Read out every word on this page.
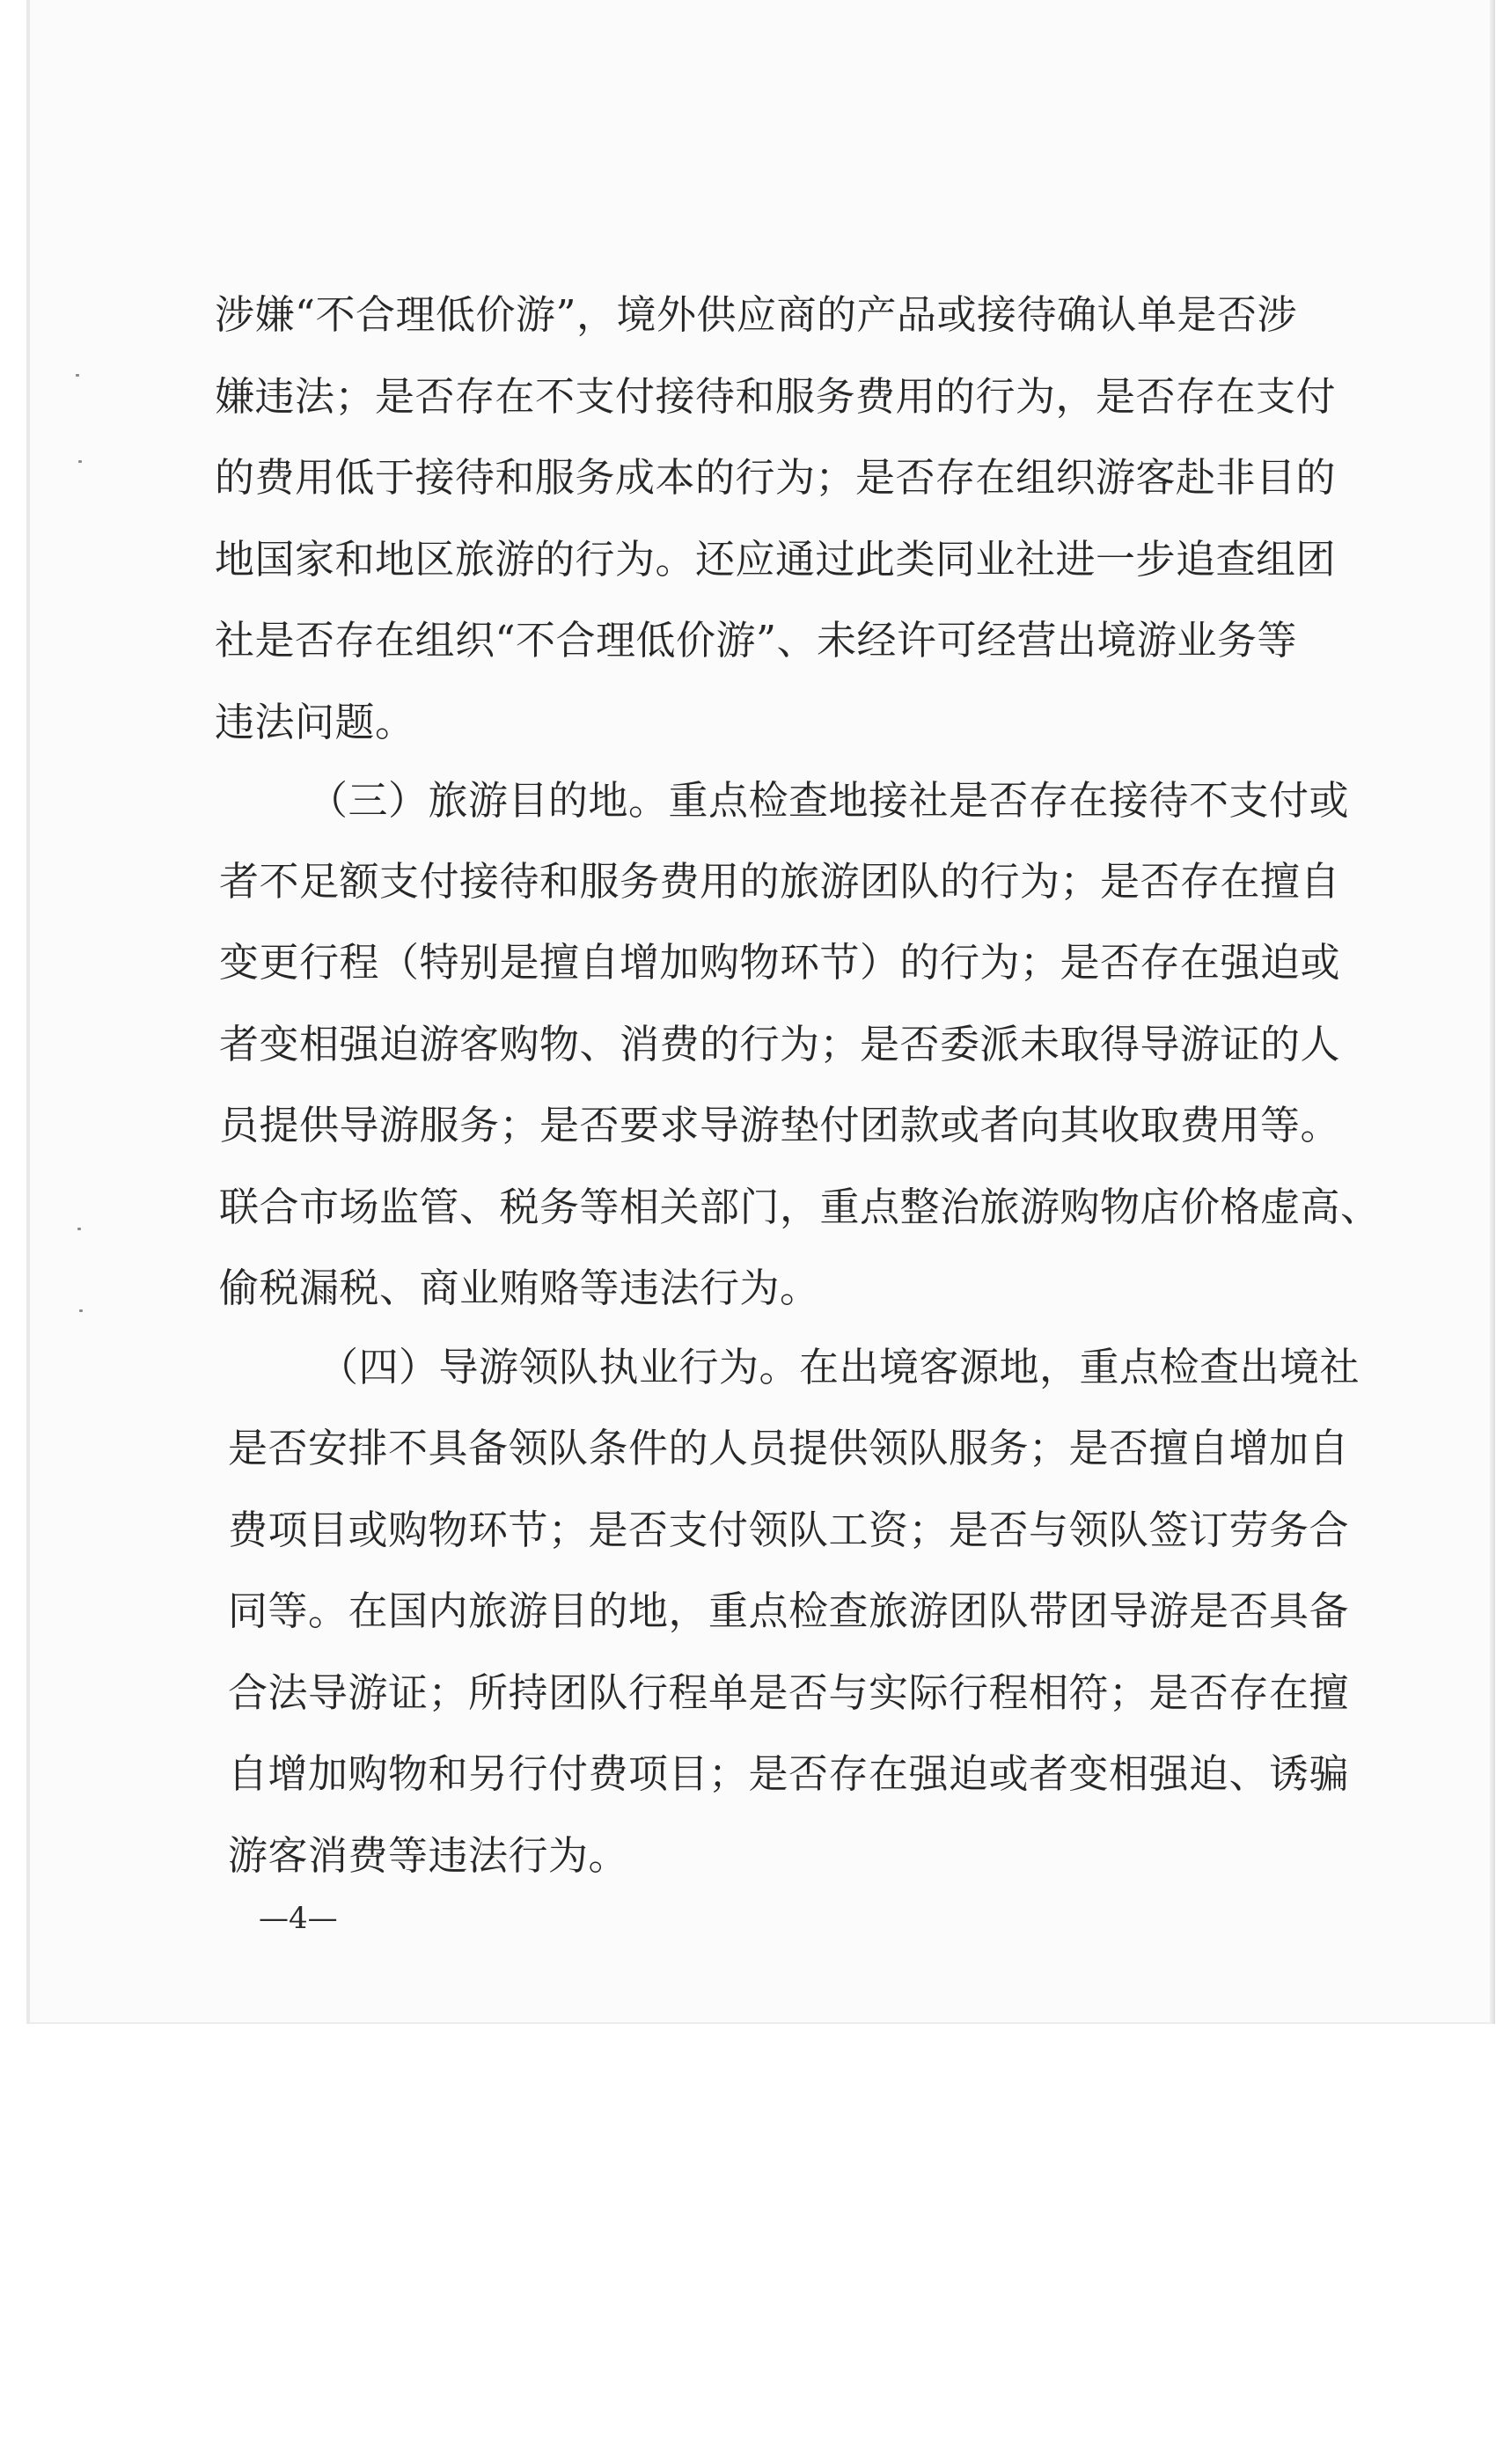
涉嫌“不合理低价游”，境外供应商的产品或接待确认单是否涉

嫌违法；是否存在不支付接待和服务费用的行为，是否存在支付

的费用低于接待和服务成本的行为；是否存在组织游客赴非目的

地国家和地区旅游的行为。还应通过此类同业社进一步追查组团

社是否存在组织“不合理低价游”、未经许可经营出境游业务等

违法问题。

（三）旅游目的地。重点检查地接社是否存在接待不支付或

者不足额支付接待和服务费用的旅游团队的行为；是否存在擅自

变更行程（特别是擅自增加购物环节）的行为；是否存在强迫或

者变相强迫游客购物、消费的行为；是否委派未取得导游证的人

员提供导游服务；是否要求导游垫付团款或者向其收取费用等。

联合市场监管、税务等相关部门，重点整治旅游购物店价格虚高、

偷税漏税、商业贿赂等违法行为。

（四）导游领队执业行为。在出境客源地，重点检查出境社

是否安排不具备领队条件的人员提供领队服务；是否擅自增加自

费项目或购物环节；是否支付领队工资；是否与领队签订劳务合

同等。在国内旅游目的地，重点检查旅游团队带团导游是否具备

合法导游证；所持团队行程单是否与实际行程相符；是否存在擅

自增加购物和另行付费项目；是否存在强迫或者变相强迫、诱骗

游客消费等违法行为。

—4—
